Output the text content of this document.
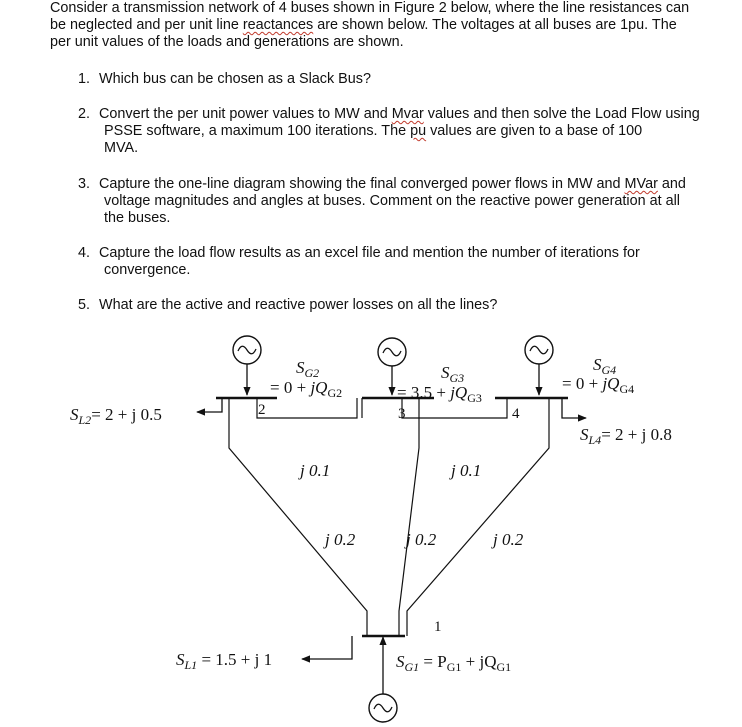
Consider a transmission network of 4 buses shown in Figure 2 below, where the line resistances can
be neglected and per unit line reactances are shown below. The voltages at all buses are 1pu. The
per unit values of the loads and generations are shown.

1. Which bus can be chosen as a Slack Bus?
2. Convert the per unit power values to MW and Mvar values and then solve the Load Flow using
PSSE software, a maximum 100 iterations. The pu values are given to a base of 100
MVA.
3. Capture the one-line diagram showing the final converged power flows in MW and MVar and
voltage magnitudes and angles at buses. Comment on the reactive power generation at all
the buses.
4. Capture the load flow results as an excel file and mention the number of iterations for
convergence.
5. What are the active and reactive power losses on all the lines?
$S_{G2}$
= $0 + jQ_{G2}$
$S_{G3}$
= $3.5 + jQ_{G3}$
$S_{G4}$
= $0 + jQ_{G4}$
$S_{L2}= 2 + j$ 0.5
$S_{L4}= 2 + j$ 0.8
$S_{L1} = 1.5 + j$ 1	$S_{G1} = P_{G1} + jQ_{G1}$
2	3	4
1
j 0.1	j 0.1
j 0.2	j 0.2	j 0.2
